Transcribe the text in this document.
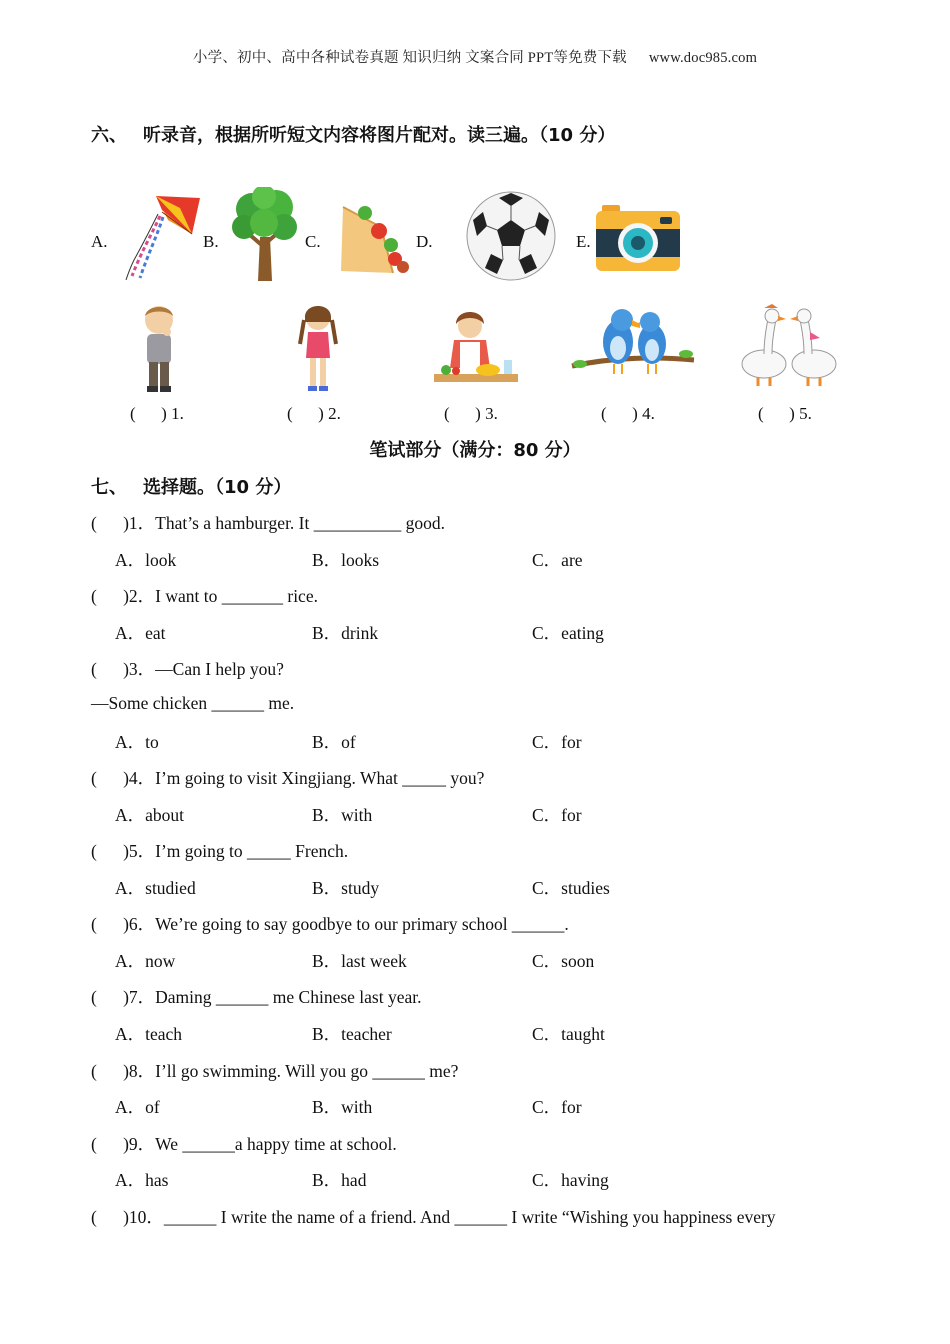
小学、初中、高中各种试卷真题 知识归纳 文案合同 PPT等免费下载 www.doc985.com
六、 听录音，根据所听短文内容将图片配对。读三遍。（10 分）
A.	B.	C.	D.	E.
(      ) 1.	(      ) 2.	(      ) 3.	(      ) 4.	(      ) 5.
笔试部分（满分：80 分）
七、 选择题。（10 分）
(      )1．That’s a hamburger. It __________ good.
A．look	B．looks	C．are
(      )2．I want to _______ rice.
A．eat	B．drink	C．eating
(      )3．—Can I help you?
—Some chicken ______ me.
A．to	B．of	C．for
(      )4．I’m going to visit Xingjiang. What _____ you?
A．about	B．with	C．for
(      )5．I’m going to _____ French.
A．studied	B．study	C．studies
(      )6．We’re going to say goodbye to our primary school ______.
A．now	B．last week	C．soon
(      )7．Daming ______ me Chinese last year.
A．teach	B．teacher	C．taught
(      )8．I’ll go swimming. Will you go ______ me?
A．of	B．with	C．for
(      )9．We ______a happy time at school.
A．has	B．had	C．having
(      )10．______ I write the name of a friend. And ______ I write “Wishing you happiness every
